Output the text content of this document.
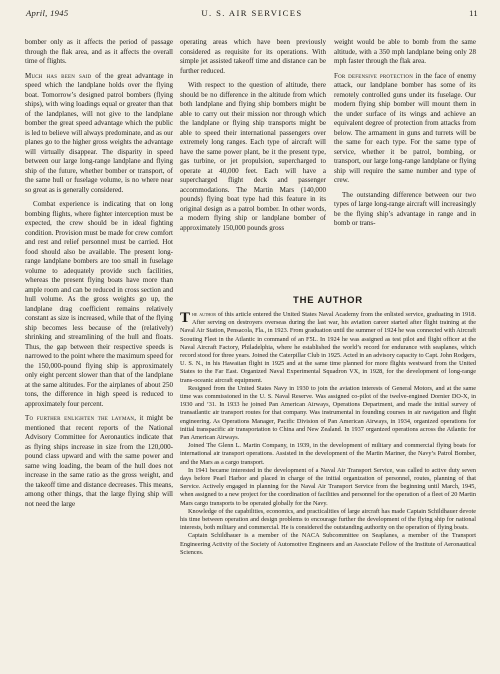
April, 1945	U. S. AIR SERVICES	11

bomber only as it affects the period of passage through the flak area, and as it affects the overall time of flights.

Much has been said of the great advantage in speed which the landplane holds over the flying boat. Tomorrow’s designed patrol bombers (flying ships), with wing loadings equal or greater than that of the landplanes, will not give to the landplane bomber the great speed advantage which the public is led to believe will always predominate, and as our planes go to the higher gross weights the advantage will virtually disappear. The disparity in speed between our large long-range landplane and flying ship of the future, whether bomber or transport, of the same hull or fuselage volume, is no where near so great as is generally considered.

Combat experience is indicating that on long bombing flights, where fighter interception must be expected, the crew should be in ideal fighting condition. Provision must be made for crew comfort and rest and relief personnel must be carried. Hot food should also be available. The present long-range landplane bombers are too small in fuselage volume to adequately provide such facilities, whereas the present flying boats have more than ample room and can be reduced in cross section and hull volume. As the gross weights go up, the landplane drag coefficient remains relatively constant as size is increased, while that of the flying ship becomes less because of the (relatively) shrinking and streamlining of the hull and floats. Thus, the gap between their respective speeds is narrowed to the point where the maximum speed for the 150,000-pound flying ship is approximately only eight percent slower than that of the landplane at the same altitudes. For the airplanes of about 250 tons, the difference in high speed is reduced to approximately four percent.

To further enlighten the layman, it might be mentioned that recent reports of the National Advisory Committee for Aeronautics indicate that as flying ships increase in size from the 120,000-pound class upward and with the same power and same wing loading, the beam of the hull does not increase in the same ratio as the gross weight, and the takeoff time and distance decreases. This means, among other things, that the large flying ship will not need the large

operating areas which have been previously considered as requisite for its operations. With simple jet assisted takeoff time and distance can be further reduced.

With respect to the question of altitude, there should be no difference in the altitude from which both landplane and flying ship bombers might be able to carry out their mission nor through which the landplane or flying ship transports might be able to speed their international passengers over extremely long ranges. Each type of aircraft will have the same power plant, be it the present type, gas turbine, or jet propulsion, supercharged to operate at 40,000 feet. Each will have a supercharged flight deck and passenger accommodations. The Martin Mars (140,000 pounds) flying boat type had this feature in its original design as a patrol bomber. In other words, a modern flying ship or landplane bomber of approximately 150,000 pounds gross

weight would be able to bomb from the same altitude, with a 350 mph landplane being only 28 mph faster through the flak area.

For defensive protection in the face of enemy attack, our landplane bomber has some of its remotely controlled guns under its fuselage. Our modern flying ship bomber will mount them in the under surface of its wings and achieve an equivalent degree of protection from attacks from below. The armament in guns and turrets will be the same for each type. For the same type of service, whether it be patrol, bombing, or transport, our large long-range landplane or flying ship will require the same number and type of crew.

The outstanding difference between our two types of large long-range aircraft will increasingly be the flying ship’s advantage in range and in bomb or trans-

THE AUTHOR

The author of this article entered the United States Naval Academy from the enlisted service, graduating in 1918. After serving on destroyers overseas during the last war, his aviation career started after flight training at the Naval Air Station, Pensacola, Fla., in 1923. From graduation until the summer of 1924 he was connected with Aircraft Scouting Fleet in the Atlantic in command of an F5L. In 1924 he was assigned as test pilot and flight officer at the Naval Aircraft Factory, Philadelphia, where he established the world’s record for endurance with seaplanes, which record stood for three years. Joined the Caterpillar Club in 1925. Acted in an advisory capacity to Capt. John Rodgers, U. S. N., in his Hawaiian flight in 1925 and at the same time planned for more flights westward from the United States to the Far East. Organized Naval Experimental Squadron VX, in 1928, for the development of long-range trans-oceanic aircraft equipment.

Resigned from the United States Navy in 1930 to join the aviation interests of General Motors, and at the same time was commissioned in the U. S. Naval Reserve. Was assigned co-pilot of the twelve-engined Dornier DO-X, in 1930 and ’31. In 1933 he joined Pan American Airways, Operations Department, and made the initial survey of transatlantic air transport routes for that company. Was instrumental in founding courses in air navigation and flight engineering. As Operations Manager, Pacific Division of Pan American Airways, in 1934, organized operations for initial transpacific air transportation to China and New Zealand. In 1937 organized operations across the Atlantic for Pan American Airways.

Joined The Glenn L. Martin Company, in 1939, in the development of military and commercial flying boats for international air transport operations. Assisted in the development of the Martin Mariner, the Navy’s Patrol Bomber, and the Mars as a cargo transport.

In 1941 became interested in the development of a Naval Air Transport Service, was called to active duty seven days before Pearl Harbor and placed in charge of the initial organization of personnel, routes, planning of that Service. Actively engaged in planning for the Naval Air Transport Service from the beginning until March, 1945, when assigned to a new project for the coordination of facilities and personnel for the operation of a fleet of 20 Martin Mars cargo transports to be operated globally for the Navy.

Knowledge of the capabilities, economics, and practicalities of large aircraft has made Captain Schildhauer devote his time between operation and design problems to encourage further the development of the flying ship for national interests, both military and commercial. He is considered the outstanding authority on the operation of flying boats.

Captain Schildhauer is a member of the NACA Subcommittee on Seaplanes, a member of the Transport Engineering Activity of the Society of Automotive Engineers and an Associate Fellow of the Institute of Aeronautical Sciences.
